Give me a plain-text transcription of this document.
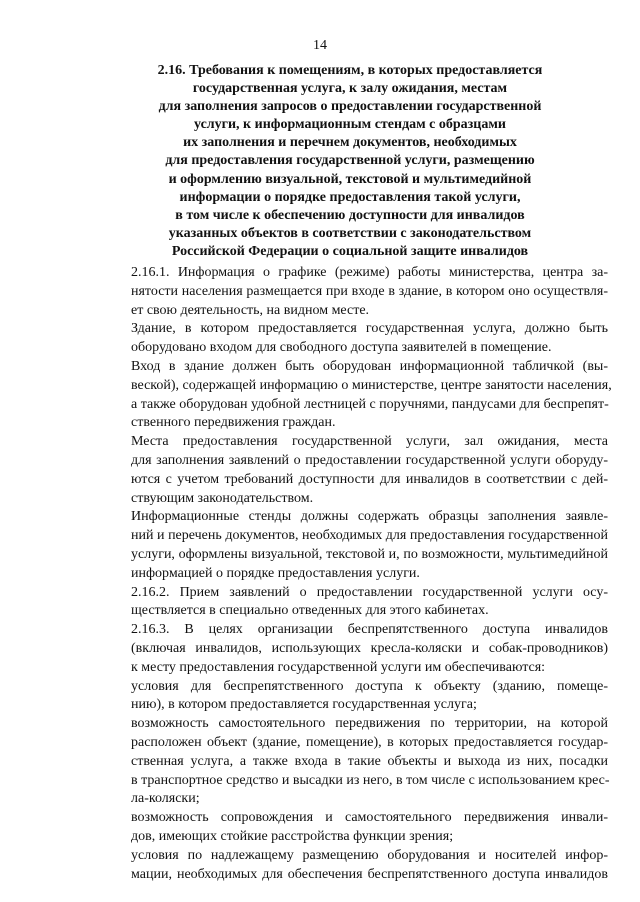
14
2.16. Требования к помещениям, в которых предоставляется
государственная услуга, к залу ожидания, местам
для заполнения запросов о предоставлении государственной
услуги, к информационным стендам с образцами
их заполнения и перечнем документов, необходимых
для предоставления государственной услуги, размещению
и оформлению визуальной, текстовой и мультимедийной
информации о порядке предоставления такой услуги,
в том числе к обеспечению доступности для инвалидов
указанных объектов в соответствии с законодательством
Российской Федерации о социальной защите инвалидов

2.16.1. Информация о графике (режиме) работы министерства, центра за-
нятости населения размещается при входе в здание, в котором оно осуществля-
ет свою деятельность, на видном месте.

Здание, в котором предоставляется государственная услуга, должно быть
оборудовано входом для свободного доступа заявителей в помещение.

Вход в здание должен быть оборудован информационной табличкой (вы-
веской), содержащей информацию о министерстве, центре занятости населения,
а также оборудован удобной лестницей с поручнями, пандусами для беспрепят-
ственного передвижения граждан.

Места предоставления государственной услуги, зал ожидания, места
для заполнения заявлений о предоставлении государственной услуги оборуду-
ются с учетом требований доступности для инвалидов в соответствии с дей-
ствующим законодательством.

Информационные стенды должны содержать образцы заполнения заявле-
ний и перечень документов, необходимых для предоставления государственной
услуги, оформлены визуальной, текстовой и, по возможности, мультимедийной
информацией о порядке предоставления услуги.

2.16.2. Прием заявлений о предоставлении государственной услуги осу-
ществляется в специально отведенных для этого кабинетах.

2.16.3. В целях организации беспрепятственного доступа инвалидов
(включая инвалидов, использующих кресла-коляски и собак-проводников)
к месту предоставления государственной услуги им обеспечиваются:

условия для беспрепятственного доступа к объекту (зданию, помеще-
нию), в котором предоставляется государственная услуга;

возможность самостоятельного передвижения по территории, на которой
расположен объект (здание, помещение), в которых предоставляется государ-
ственная услуга, а также входа в такие объекты и выхода из них, посадки
в транспортное средство и высадки из него, в том числе с использованием крес-
ла-коляски;

возможность сопровождения и самостоятельного передвижения инвали-
дов, имеющих стойкие расстройства функции зрения;

условия по надлежащему размещению оборудования и носителей инфор-
мации, необходимых для обеспечения беспрепятственного доступа инвалидов
